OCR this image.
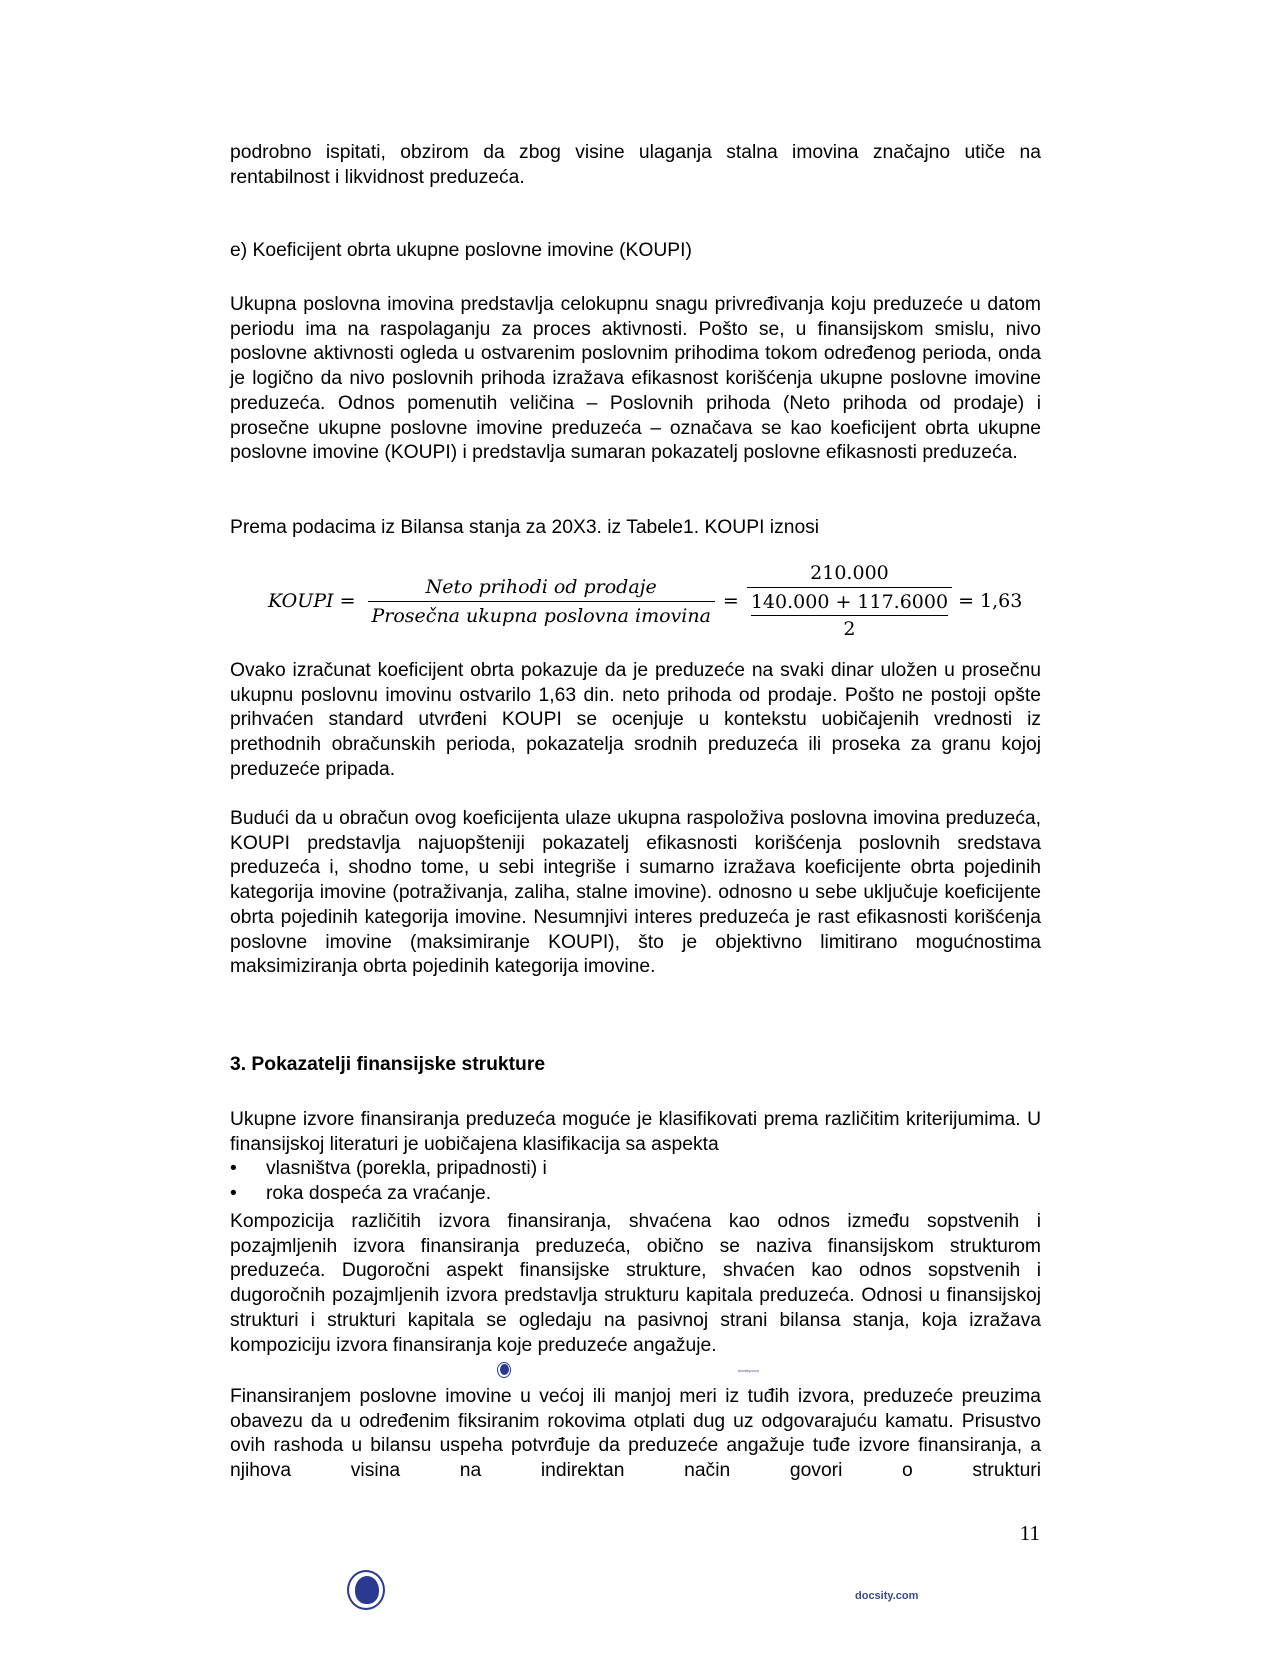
podrobno ispitati, obzirom da zbog visine ulaganja stalna imovina značajno utiče na rentabilnost i likvidnost preduzeća.

e) Koeficijent obrta ukupne poslovne imovine (KOUPI)

Ukupna poslovna imovina predstavlja celokupnu snagu privređivanja koju preduzeće u datom periodu ima na raspolaganju za proces aktivnosti. Pošto se, u finansijskom smislu, nivo poslovne aktivnosti ogleda u ostvarenim poslovnim prihodima tokom određenog perioda, onda je logično da nivo poslovnih prihoda izražava efikasnost korišćenja ukupne poslovne imovine preduzeća. Odnos pomenutih veličina – Poslovnih prihoda (Neto prihoda od prodaje) i prosečne ukupne poslovne imovine preduzeća – označava se kao koeficijent obrta ukupne poslovne imovine (KOUPI) i predstavlja sumaran pokazatelj poslovne efikasnosti preduzeća.

Prema podacima iz Bilansa stanja za 20X3. iz Tabele1. KOUPI iznosi

KOUPI = $\frac{\text{Neto prihodi od prodaje}}{\text{Prosečna ukupna poslovna imovina}} = 210.000$
140.000 + 117.6000
2 = 1,63

Ovako izračunat koeficijent obrta pokazuje da je preduzeće na svaki dinar uložen u prosečnu ukupnu poslovnu imovinu ostvarilo 1,63 din. neto prihoda od prodaje. Pošto ne postoji opšte prihvaćen standard utvrđeni KOUPI se ocenjuje u kontekstu uobičajenih vrednosti iz prethodnih obračunskih perioda, pokazatelja srodnih preduzeća ili proseka za granu kojoj preduzeće pripada.

Budući da u obračun ovog koeficijenta ulaze ukupna raspoloživa poslovna imovina preduzeća, KOUPI predstavlja najuopšteniji pokazatelj efikasnosti korišćenja poslovnih sredstava preduzeća i, shodno tome, u sebi integriše i sumarno izražava koeficijente obrta pojedinih kategorija imovine (potraživanja, zaliha, stalne imovine). odnosno u sebe uključuje koeficijente obrta pojedinih kategorija imovine. Nesumnjivi interes preduzeća je rast efikasnosti korišćenja poslovne imovine (maksimiranje KOUPI), što je objektivno limitirano mogućnostima maksimiziranja obrta pojedinih kategorija imovine.

3. Pokazatelji finansijske strukture

Ukupne izvore finansiranja preduzeća moguće je klasifikovati prema različitim kriterijumima. U finansijskoj literaturi je uobičajena klasifikacija sa aspekta

• vlasništva (porekla, pripadnosti) i
• roka dospeća za vraćanje.

Kompozicija različitih izvora finansiranja, shvaćena kao odnos između sopstvenih i pozajmljenih izvora finansiranja preduzeća, obično se naziva finansijskom strukturom preduzeća. Dugoročni aspekt finansijske strukture, shvaćen kao odnos sopstvenih i dugoročnih pozajmljenih izvora predstavlja strukturu kapitala preduzeća. Odnosi u finansijskoj strukturi i strukturi kapitala se ogledaju na pasivnoj strani bilansa stanja, koja izražava kompoziciju izvora finansiranja koje preduzeće angažuje.

Finansiranjem poslovne imovine u većoj ili manjoj meri iz tuđih izvora, preduzeće preuzima obavezu da u određenim fiksiranim rokovima otplati dug uz odgovarajuću kamatu. Prisustvo ovih rashoda u bilansu uspeha potvrđuje da preduzeće angažuje tuđe izvore finansiranja, a njihova visina na indirektan način govori o strukturi

docsity.com
11
docsity.com
